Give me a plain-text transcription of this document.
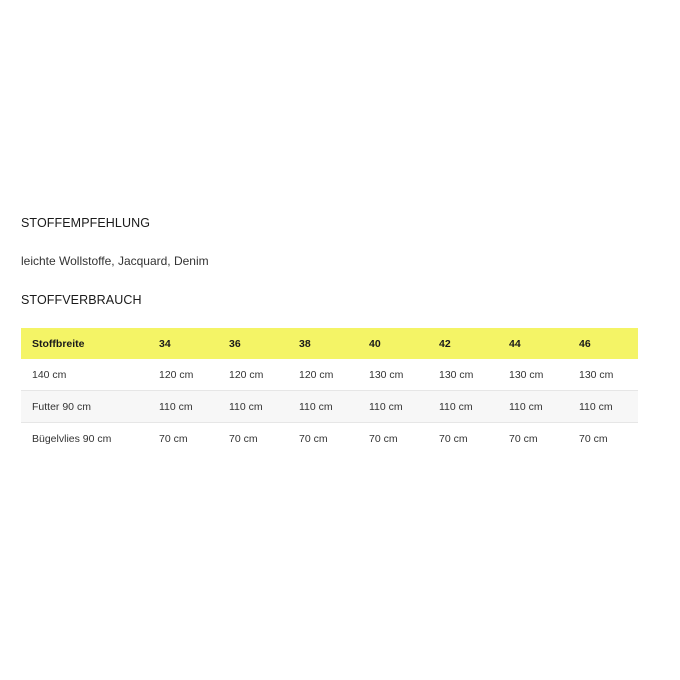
STOFFEMPFEHLUNG

leichte Wollstoffe, Jacquard, Denim

STOFFVERBRAUCH
Stoffbreite	34	36	38	40	42	44	46
140 cm	120 cm	120 cm	120 cm	130 cm	130 cm	130 cm	130 cm
Futter 90 cm	110 cm	110 cm	110 cm	110 cm	110 cm	110 cm	110 cm
Bügelvlies 90 cm	70 cm	70 cm	70 cm	70 cm	70 cm	70 cm	70 cm
